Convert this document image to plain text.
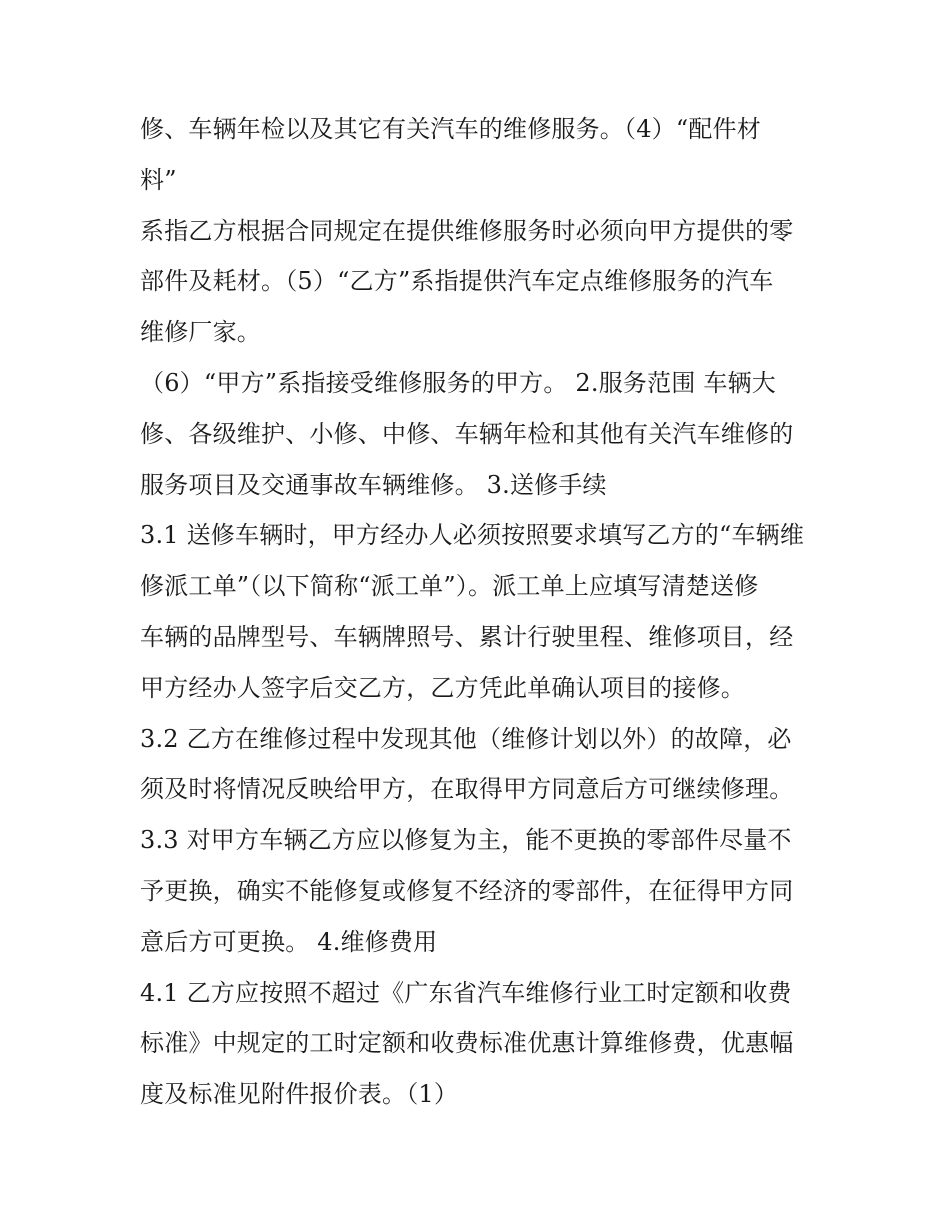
修、车辆年检以及其它有关汽车的维修服务。（4）“配件材
料”
系指乙方根据合同规定在提供维修服务时必须向甲方提供的零
部件及耗材。（5）“乙方”系指提供汽车定点维修服务的汽车
维修厂家。
（6）“甲方”系指接受维修服务的甲方。 2.服务范围 车辆大
修、各级维护、小修、中修、车辆年检和其他有关汽车维修的
服务项目及交通事故车辆维修。 3.送修手续
3.1 送修车辆时，甲方经办人必须按照要求填写乙方的“车辆维
修派工单”（以下简称“派工单”）。派工单上应填写清楚送修
车辆的品牌型号、车辆牌照号、累计行驶里程、维修项目，经
甲方经办人签字后交乙方，乙方凭此单确认项目的接修。
3.2 乙方在维修过程中发现其他（维修计划以外）的故障，必
须及时将情况反映给甲方，在取得甲方同意后方可继续修理。
3.3 对甲方车辆乙方应以修复为主，能不更换的零部件尽量不
予更换，确实不能修复或修复不经济的零部件，在征得甲方同
意后方可更换。 4.维修费用
4.1 乙方应按照不超过《广东省汽车维修行业工时定额和收费
标准》中规定的工时定额和收费标准优惠计算维修费，优惠幅
度及标准见附件报价表。（1）
